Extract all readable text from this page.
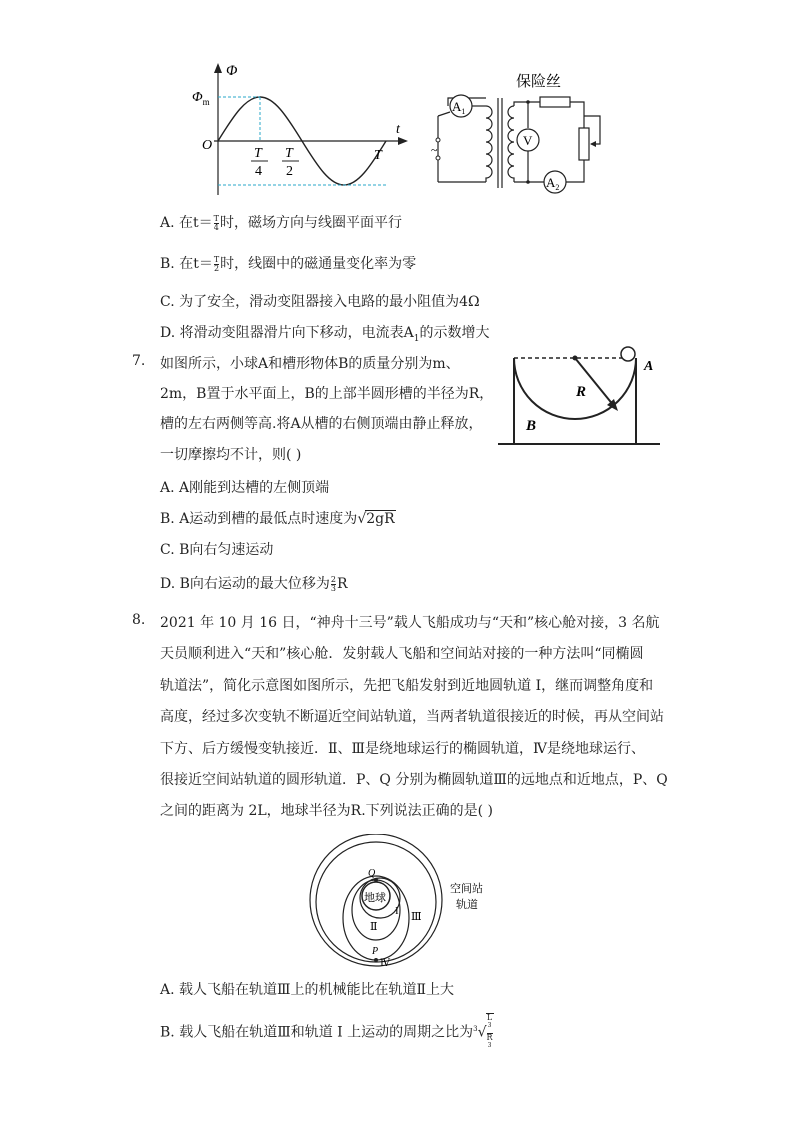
Φ
$\Phi_m$
O
t
T
T
4
T
2
保险丝
$A_1$
~
V
$A_2$
A. 在$t= \frac{T}{4}$ 时，磁场方向与线圈平面平行
B. 在$t= \frac{T}{2}$ 时，线圈中的磁通量变化率为零
C. 为了安全，滑动变阻器接入电路的最小阻值为4Ω
D. 将滑动变阻器滑片向下移动，电流表$A_1$的示数增大
7. 如图所示，小球A和槽形物体B的质量分别为m、
2m，B置于水平面上，B的上部半圆形槽的半径为R，
槽的左右两侧等高.将A从槽的右侧顶端由静止释放，
一切摩擦均不计，则( )
A
R
B
A. A刚能到达槽的左侧顶端
B. A运动到槽的最低点时速度为√2gR
C. B向右匀速运动
D. B向右运动的最大位移为 $\frac{2}{3}$ R
8. 2021 年 10 月 16 日，“神舟十三号”载人飞船成功与“天和”核心舱对接，3 名航
天员顺利进入“天和”核心舱．发射载人飞船和空间站对接的一种方法叫“同椭圆
轨道法”，简化示意图如图所示，先把飞船发射到近地圆轨道 I，继而调整角度和
高度，经过多次变轨不断逼近空间站轨道，当两者轨道很接近的时候，再从空间站
下方、后方缓慢变轨接近．Ⅱ、Ⅲ是绕地球运行的椭圆轨道，Ⅳ是绕地球运行、
很接近空间站轨道的圆形轨道．P、Q 分别为椭圆轨道Ⅲ的远地点和近地点，P、Q
之间的距离为 2L，地球半径为R.下列说法正确的是( )
地球
Q
P
I
Ⅱ
Ⅲ
Ⅳ
空间站
轨道
A. 载人飞船在轨道Ⅲ上的机械能比在轨道Ⅱ上大
B. 载人飞船在轨道Ⅲ和轨道 I 上运动的周期之比为$^3$√ L
$^3$
R
$^3$
